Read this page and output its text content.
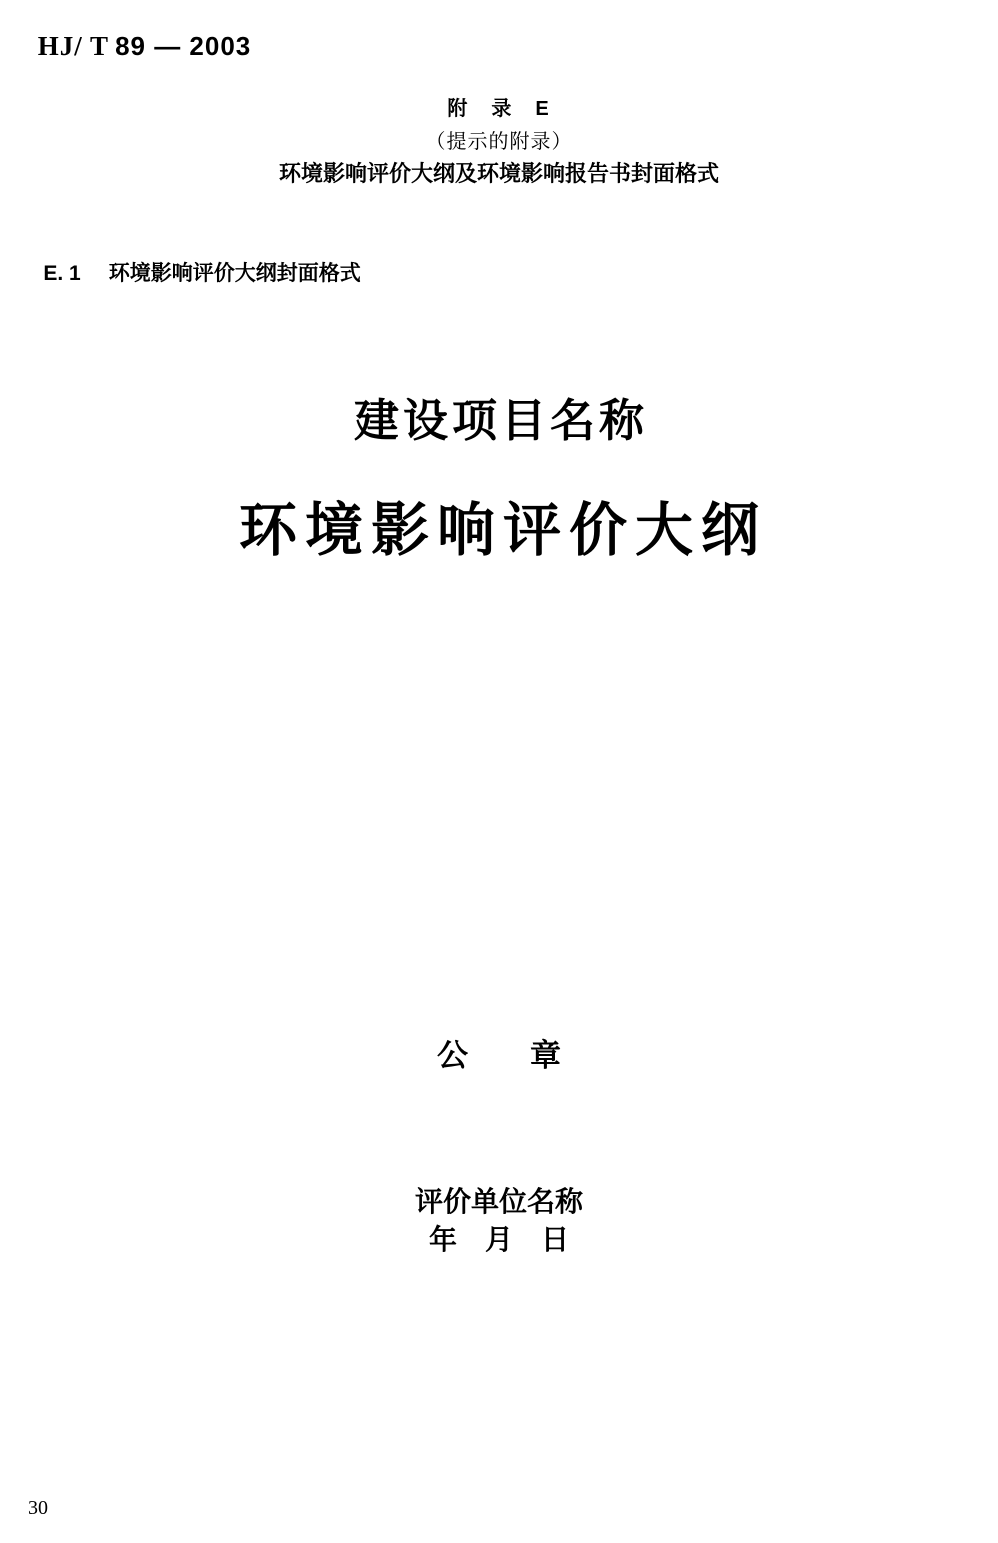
HJ/ T 89 — 2003

附　录　E
（提示的附录）
环境影响评价大纲及环境影响报告书封面格式

E. 1 环境影响评价大纲封面格式

建设项目名称
环境影响评价大纲
公　　章
评价单位名称
年　月　日
30
